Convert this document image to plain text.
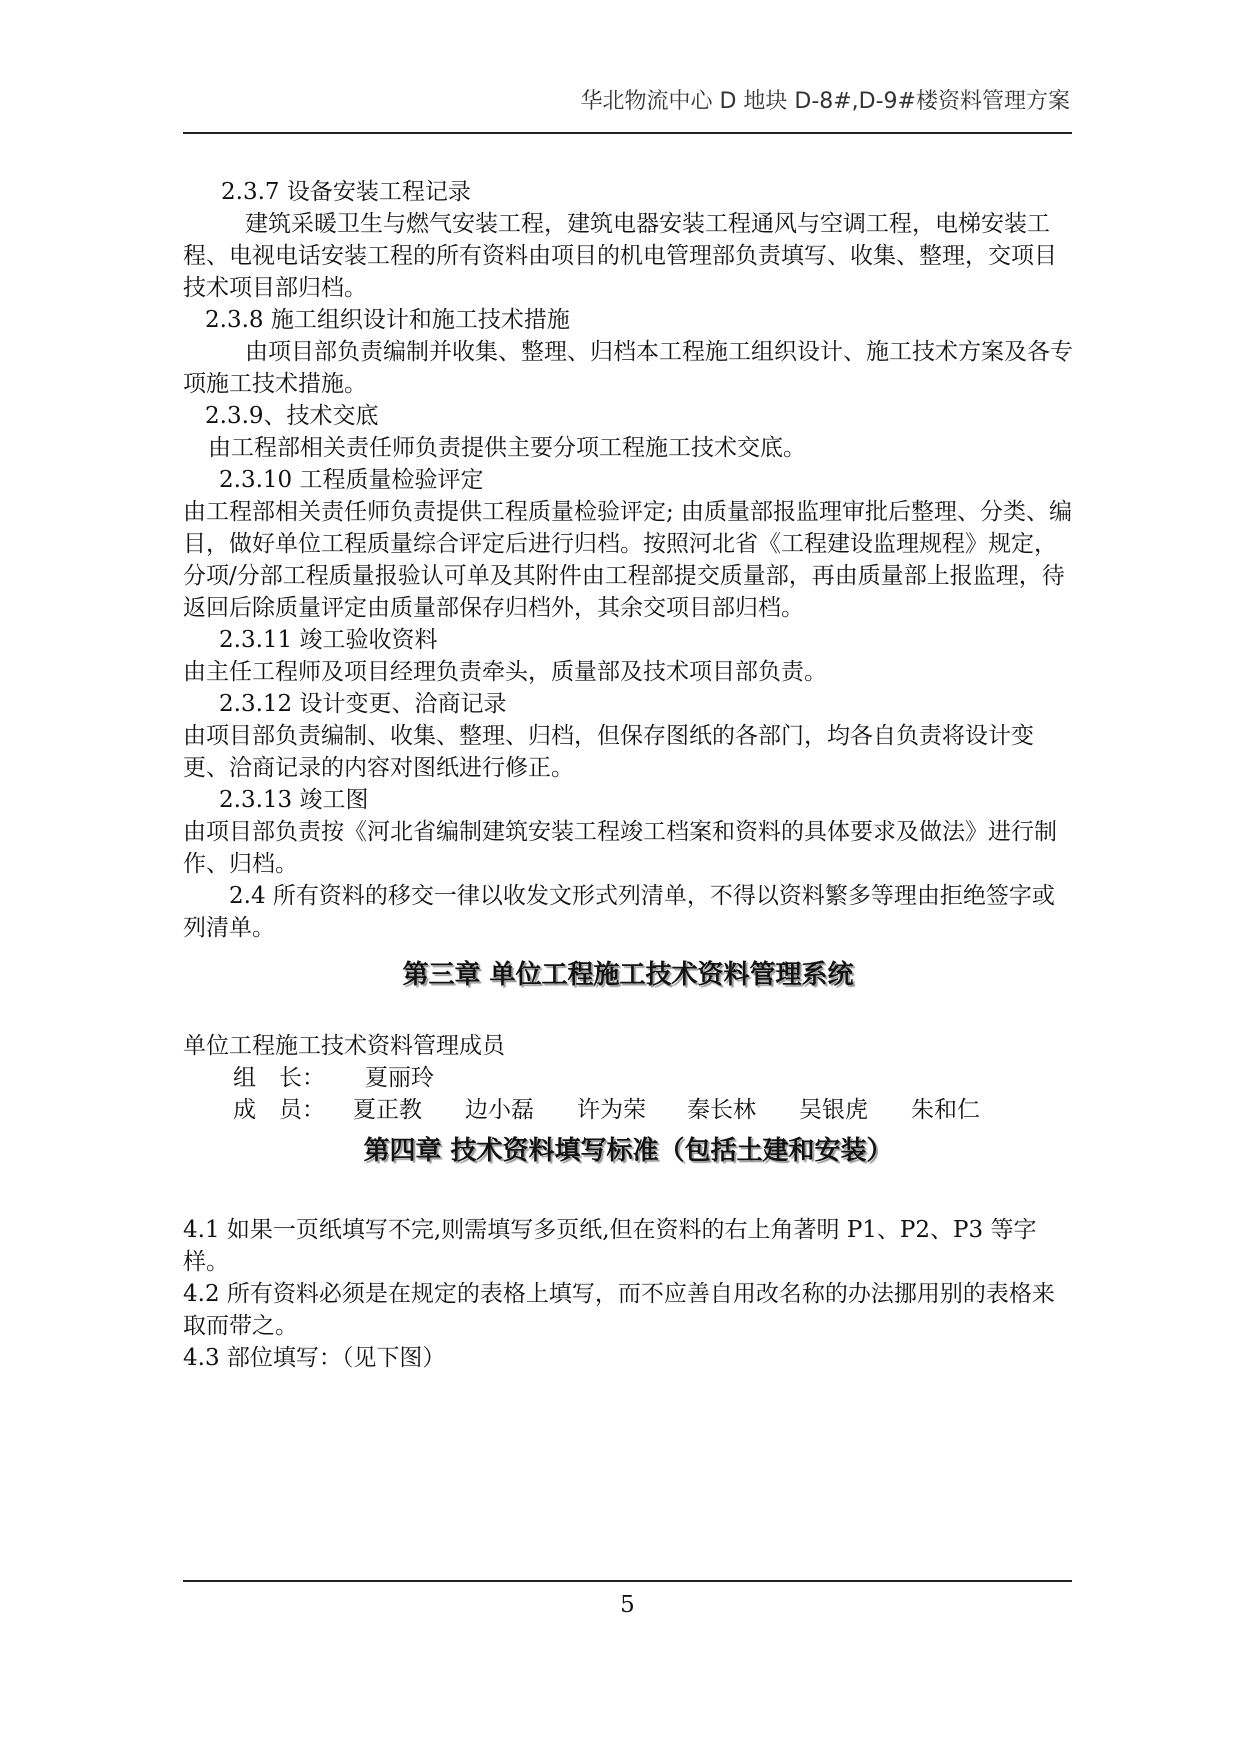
华北物流中心 D 地块 D-8#,D-9#楼资料管理方案

2.3.7 设备安装工程记录

建筑采暖卫生与燃气安装工程，建筑电器安装工程通风与空调工程，电梯安装工程、电视电话安装工程的所有资料由项目的机电管理部负责填写、收集、整理，交项目技术项目部归档。

2.3.8 施工组织设计和施工技术措施

由项目部负责编制并收集、整理、归档本工程施工组织设计、施工技术方案及各专项施工技术措施。

2.3.9、技术交底

由工程部相关责任师负责提供主要分项工程施工技术交底。

2.3.10 工程质量检验评定

由工程部相关责任师负责提供工程质量检验评定; 由质量部报监理审批后整理、分类、编目，做好单位工程质量综合评定后进行归档。按照河北省《工程建设监理规程》规定，分项/分部工程质量报验认可单及其附件由工程部提交质量部，再由质量部上报监理，待返回后除质量评定由质量部保存归档外，其余交项目部归档。

2.3.11 竣工验收资料

由主任工程师及项目经理负责牵头，质量部及技术项目部负责。

2.3.12 设计变更、洽商记录

由项目部负责编制、收集、整理、归档，但保存图纸的各部门，均各自负责将设计变更、洽商记录的内容对图纸进行修正。

2.3.13 竣工图

由项目部负责按《河北省编制建筑安装工程竣工档案和资料的具体要求及做法》进行制作、归档。

2.4 所有资料的移交一律以收发文形式列清单，不得以资料繁多等理由拒绝签字或列清单。

第三章 单位工程施工技术资料管理系统

单位工程施工技术资料管理成员

组　长： 夏丽玲

成　员： 夏正教 边小磊 许为荣 秦长林 吴银虎 朱和仁

第四章 技术资料填写标准（包括土建和安装）

4.1 如果一页纸填写不完,则需填写多页纸,但在资料的右上角著明 P1、P2、P3 等字样。

4.2 所有资料必须是在规定的表格上填写，而不应善自用改名称的办法挪用别的表格来取而带之。

4.3 部位填写：（见下图）

5
